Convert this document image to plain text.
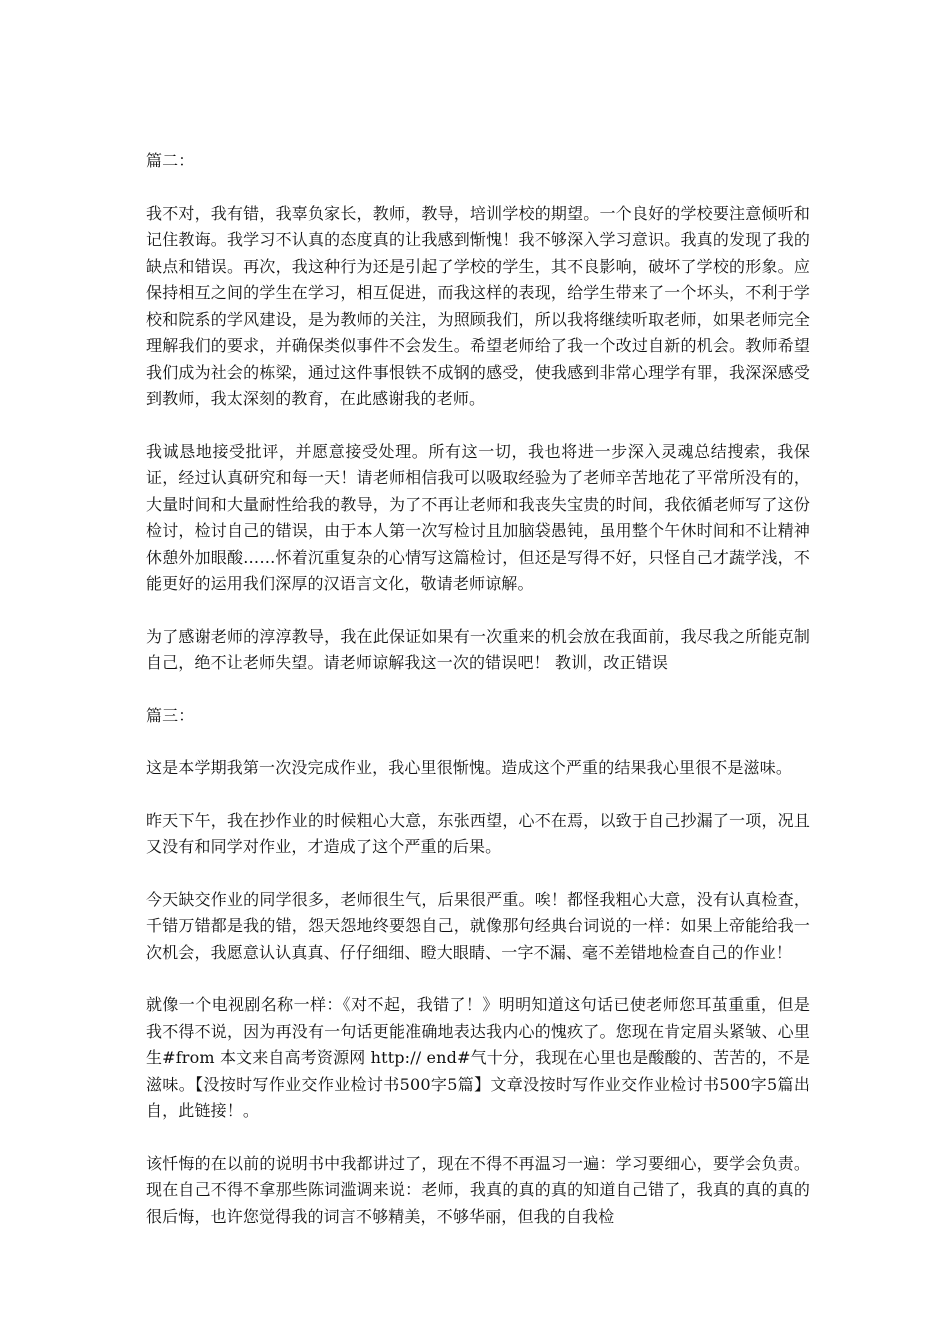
篇二：

我不对，我有错，我辜负家长，教师，教导，培训学校的期望。一个良好的学校要注意倾听和记住教诲。我学习不认真的态度真的让我感到惭愧！我不够深入学习意识。我真的发现了我的缺点和错误。再次，我这种行为还是引起了学校的学生，其不良影响，破坏了学校的形象。应保持相互之间的学生在学习，相互促进，而我这样的表现，给学生带来了一个坏头，不利于学校和院系的学风建设，是为教师的关注，为照顾我们，所以我将继续听取老师，如果老师完全理解我们的要求，并确保类似事件不会发生。希望老师给了我一个改过自新的机会。教师希望我们成为社会的栋梁，通过这件事恨铁不成钢的感受，使我感到非常心理学有罪，我深深感受到教师，我太深刻的教育，在此感谢我的老师。

我诚恳地接受批评，并愿意接受处理。所有这一切，我也将进一步深入灵魂总结搜索，我保证，经过认真研究和每一天！请老师相信我可以吸取经验为了老师辛苦地花了平常所没有的，大量时间和大量耐性给我的教导，为了不再让老师和我丧失宝贵的时间，我依循老师写了这份检讨，检讨自己的错误，由于本人第一次写检讨且加脑袋愚钝，虽用整个午休时间和不让精神休憩外加眼酸……怀着沉重复杂的心情写这篇检讨，但还是写得不好，只怪自己才蔬学浅，不能更好的运用我们深厚的汉语言文化，敬请老师谅解。

为了感谢老师的淳淳教导，我在此保证如果有一次重来的机会放在我面前，我尽我之所能克制自己，绝不让老师失望。请老师谅解我这一次的错误吧！ 教训，改正错误

篇三：

这是本学期我第一次没完成作业，我心里很惭愧。造成这个严重的结果我心里很不是滋味。

昨天下午，我在抄作业的时候粗心大意，东张西望，心不在焉，以致于自己抄漏了一项，况且又没有和同学对作业，才造成了这个严重的后果。

今天缺交作业的同学很多，老师很生气，后果很严重。唉！都怪我粗心大意，没有认真检查，千错万错都是我的错，怨天怨地终要怨自己，就像那句经典台词说的一样：如果上帝能给我一次机会，我愿意认认真真、仔仔细细、瞪大眼睛、一字不漏、毫不差错地检查自己的作业！

就像一个电视剧名称一样：《对不起，我错了！》明明知道这句话已使老师您耳茧重重，但是我不得不说，因为再没有一句话更能准确地表达我内心的愧疚了。您现在肯定眉头紧皱、心里生#from 本文来自高考资源网 http:// end#气十分，我现在心里也是酸酸的、苦苦的，不是滋味。【没按时写作业交作业检讨书500字5篇】文章没按时写作业交作业检讨书500字5篇出自，此链接！。

该忏悔的在以前的说明书中我都讲过了，现在不得不再温习一遍：学习要细心，要学会负责。现在自己不得不拿那些陈词滥调来说：老师，我真的真的真的知道自己错了，我真的真的真的很后悔，也许您觉得我的词言不够精美，不够华丽，但我的自我检
